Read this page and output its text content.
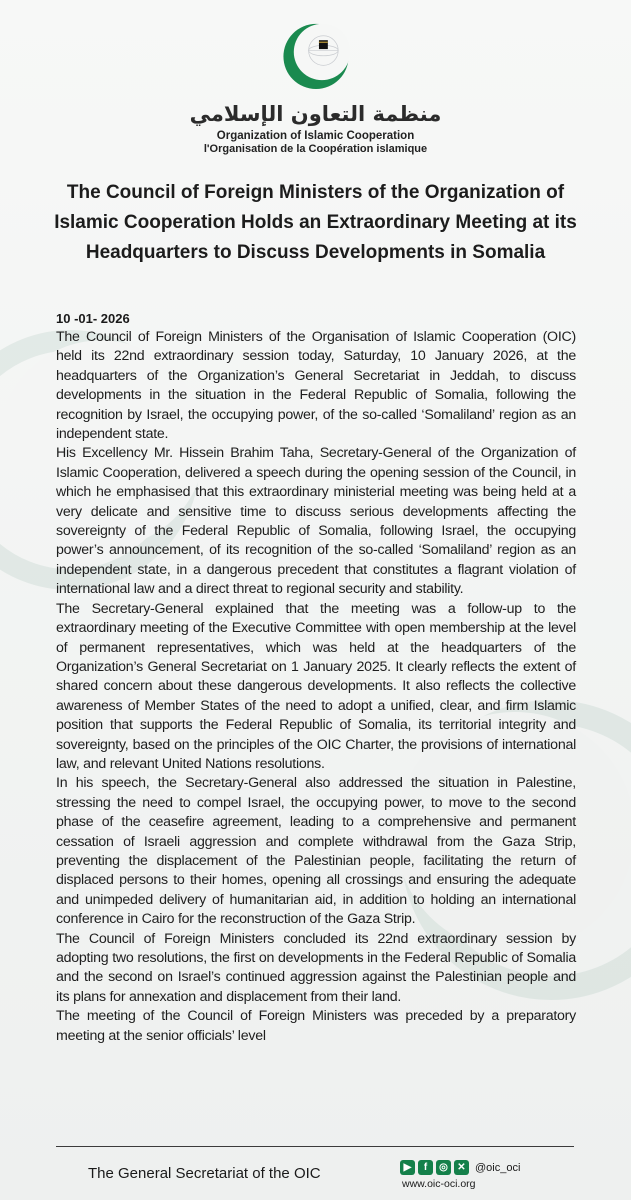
منظمة التعاون الإسلامي
Organization of Islamic Cooperation
l'Organisation de la Coopération islamique
The Council of Foreign Ministers of the Organization of Islamic Cooperation Holds an Extraordinary Meeting at its Headquarters to Discuss Developments in Somalia
10 -01- 2026

The Council of Foreign Ministers of the Organisation of Islamic Cooperation (OIC) held its 22nd extraordinary session today, Saturday, 10 January 2026, at the headquarters of the Organization’s General Secretariat in Jeddah, to discuss developments in the situation in the Federal Republic of Somalia, following the recognition by Israel, the occupying power, of the so-called ‘Somaliland’ region as an independent state.

His Excellency Mr. Hissein Brahim Taha, Secretary-General of the Organization of Islamic Cooperation, delivered a speech during the opening session of the Council, in which he emphasised that this extraordinary ministerial meeting was being held at a very delicate and sensitive time to discuss serious developments affecting the sovereignty of the Federal Republic of Somalia, following Israel, the occupying power’s announcement, of its recognition of the so-called ‘Somaliland’ region as an independent state, in a dangerous precedent that constitutes a flagrant violation of international law and a direct threat to regional security and stability.

The Secretary-General explained that the meeting was a follow-up to the extraordinary meeting of the Executive Committee with open membership at the level of permanent representatives, which was held at the headquarters of the Organization’s General Secretariat on 1 January 2025. It clearly reflects the extent of shared concern about these dangerous developments. It also reflects the collective awareness of Member States of the need to adopt a unified, clear, and firm Islamic position that supports the Federal Republic of Somalia, its territorial integrity and sovereignty, based on the principles of the OIC Charter, the provisions of international law, and relevant United Nations resolutions.

In his speech, the Secretary-General also addressed the situation in Palestine, stressing the need to compel Israel, the occupying power, to move to the second phase of the ceasefire agreement, leading to a comprehensive and permanent cessation of Israeli aggression and complete withdrawal from the Gaza Strip, preventing the displacement of the Palestinian people, facilitating the return of displaced persons to their homes, opening all crossings and ensuring the adequate and unimpeded delivery of humanitarian aid, in addition to holding an international conference in Cairo for the reconstruction of the Gaza Strip.

The Council of Foreign Ministers concluded its 22nd extraordinary session by adopting two resolutions, the first on developments in the Federal Republic of Somalia and the second on Israel’s continued aggression against the Palestinian people and its plans for annexation and displacement from their land.

The meeting of the Council of Foreign Ministers was preceded by a preparatory meeting at the senior officials’ level

The General Secretariat of the OIC	▶	f	◎ ✕ @oic_oci
www.oic-oci.org
